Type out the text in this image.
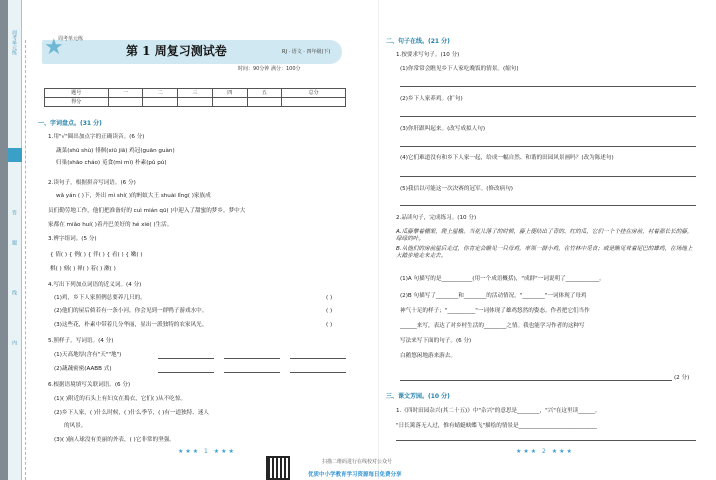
周考单元练
答
题
线
内
★
周考单元练
第 1 周复习测试卷	RJ · 语文 · 四年级(下)
时间：90分钟 满分：100分
题号	一	二	三	四	五	总分
得分						
一、字词盘点。(31 分)
1.用"√"圈出加点字的正确读音。(6 分)
蔬菜(shū shù) 徘徊(xiū jiā) 鸡冠(guān guàn)
归巢(shāo cháo) 觅食(mì mì) 朴素(pǔ pú)
2.读句子，根据拼音写词语。(6 分)
wǎ yán ( )下，外出 mì shí( )的蚂蚁大王 shuài lǐng( )家族成
员们勤劳地工作，他们把准备好的 cuì mián qū( )中迎入了甜蜜的梦乡。梦中大
家都在 miǎo huí( )着丹巴美好的 hé xié( )生活。
3.辨字组词。(5 分)
{ 倩( ) { 例( ) { 伴( ) { 看( ) { 嫩( )
棋( ) 刻( ) 禅( ) 着( ) 漱( )
4.写出下列加点词语的近义词。(4 分)
(1)鸡，乡下人家照例总要养几只的。	( )
(2)他们的屋后倘若有一条小河，你会见到一群鸭子游戏水中。	( )
(3)这些花，朴素中带着几分华丽，显出一派独特的农家风光。	( )
5.照样子，写词语。(4 分)
(1)天高地厚(含有"天""地")
(2)蔬蔬密密(AABB 式)
6.根据语境填写关联词语。(6 分)
(1)( )附近的石头上有妇女在捣衣，它们( )从不吃惊。
(2)乡下人家，( )什么时候，( )什么季节，( )有一道独特、迷人
的风景。
(3)( )脑人球没有美丽的外表，( )它非常的坚强。
★★★ 1 ★★★
二、句子在线。(21 分)
1.按要求写句子。(10 分)
(1)你常常会瞧见乡下人家吃晚饭的情景。(缩句)
(2)乡下人家养鸡。(扩句)
(3)你肝跟叫起来。(改写成拟人句)
(4)它们难道没有和乡下人家一起，给成一幅自然、和谐的田园风景画吗？(改为陈述句)
(5)我信以可能这一次决赛的冠军。(修改病句)
2.品读句子，完成练习。(10 分)
A.瓜藤攀着棚架，爬上屋檐。当花儿落了的时候，藤上便结出了青的、红的瓜，它们一个个挂在房前，衬着那长长的藤，绿绿的叶。
B.从他们的房前屋后走过，你肯定会瞧见一只母鸡，率领一群小鸡，在竹林中觅食；或是瞧见耸着尾巴的雄鸡，在场地上大踏步地走来走去。
(1)A 句描写的是___________(用一个成语概括)，"成群"一词说明了____________。
(2)B 句描写了________和________的活动情况。"________"一词体现了母鸡
神气十足的样子；"__________"一词体现了雄鸡悠然的姿态。作者把它们当作
______来写，表达了对乡村生活的________之情。我也能学习作者的这种写
写法来写下面的句子。(6 分)
白鹅悠闲地游来游去。
(2 分)
三、课文芳园。(10 分)
1.《四时田园杂兴(其二十五)》中"杂兴"的意思是________，"兴"在这里读______。
"日长篱落无人过，惟有蜻蜓蛱蝶飞"描绘的情景是____________________________
★★★ 2 ★★★
扫描二维码进行在线校对公众号
优质中小学教育学习资源每日免费分享
